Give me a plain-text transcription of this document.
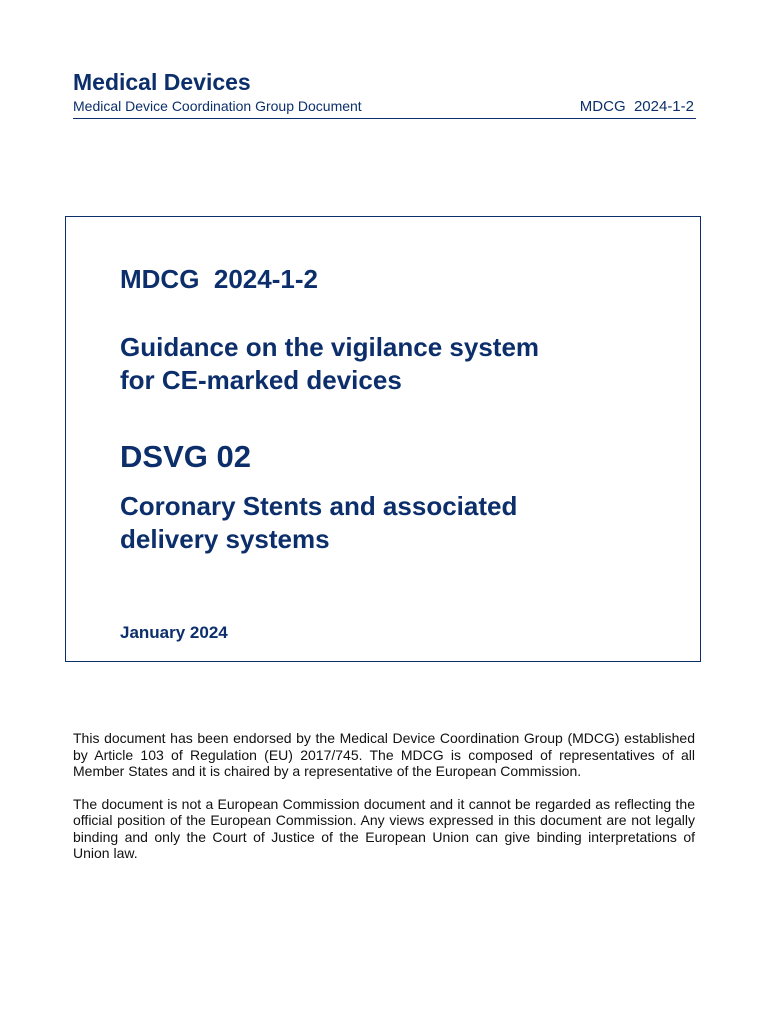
Medical Devices
Medical Device Coordination Group Document	MDCG  2024-1-2
MDCG  2024-1-2
Guidance on the vigilance system
for CE-marked devices
DSVG 02
Coronary Stents and associated
delivery systems
January 2024

This document has been endorsed by the Medical Device Coordination Group (MDCG) established by Article 103 of Regulation (EU) 2017/745. The MDCG is composed of representatives of all Member States and it is chaired by a representative of the European Commission.

The document is not a European Commission document and it cannot be regarded as reflecting the official position of the European Commission. Any views expressed in this document are not legally binding and only the Court of Justice of the European Union can give binding interpretations of Union law.
